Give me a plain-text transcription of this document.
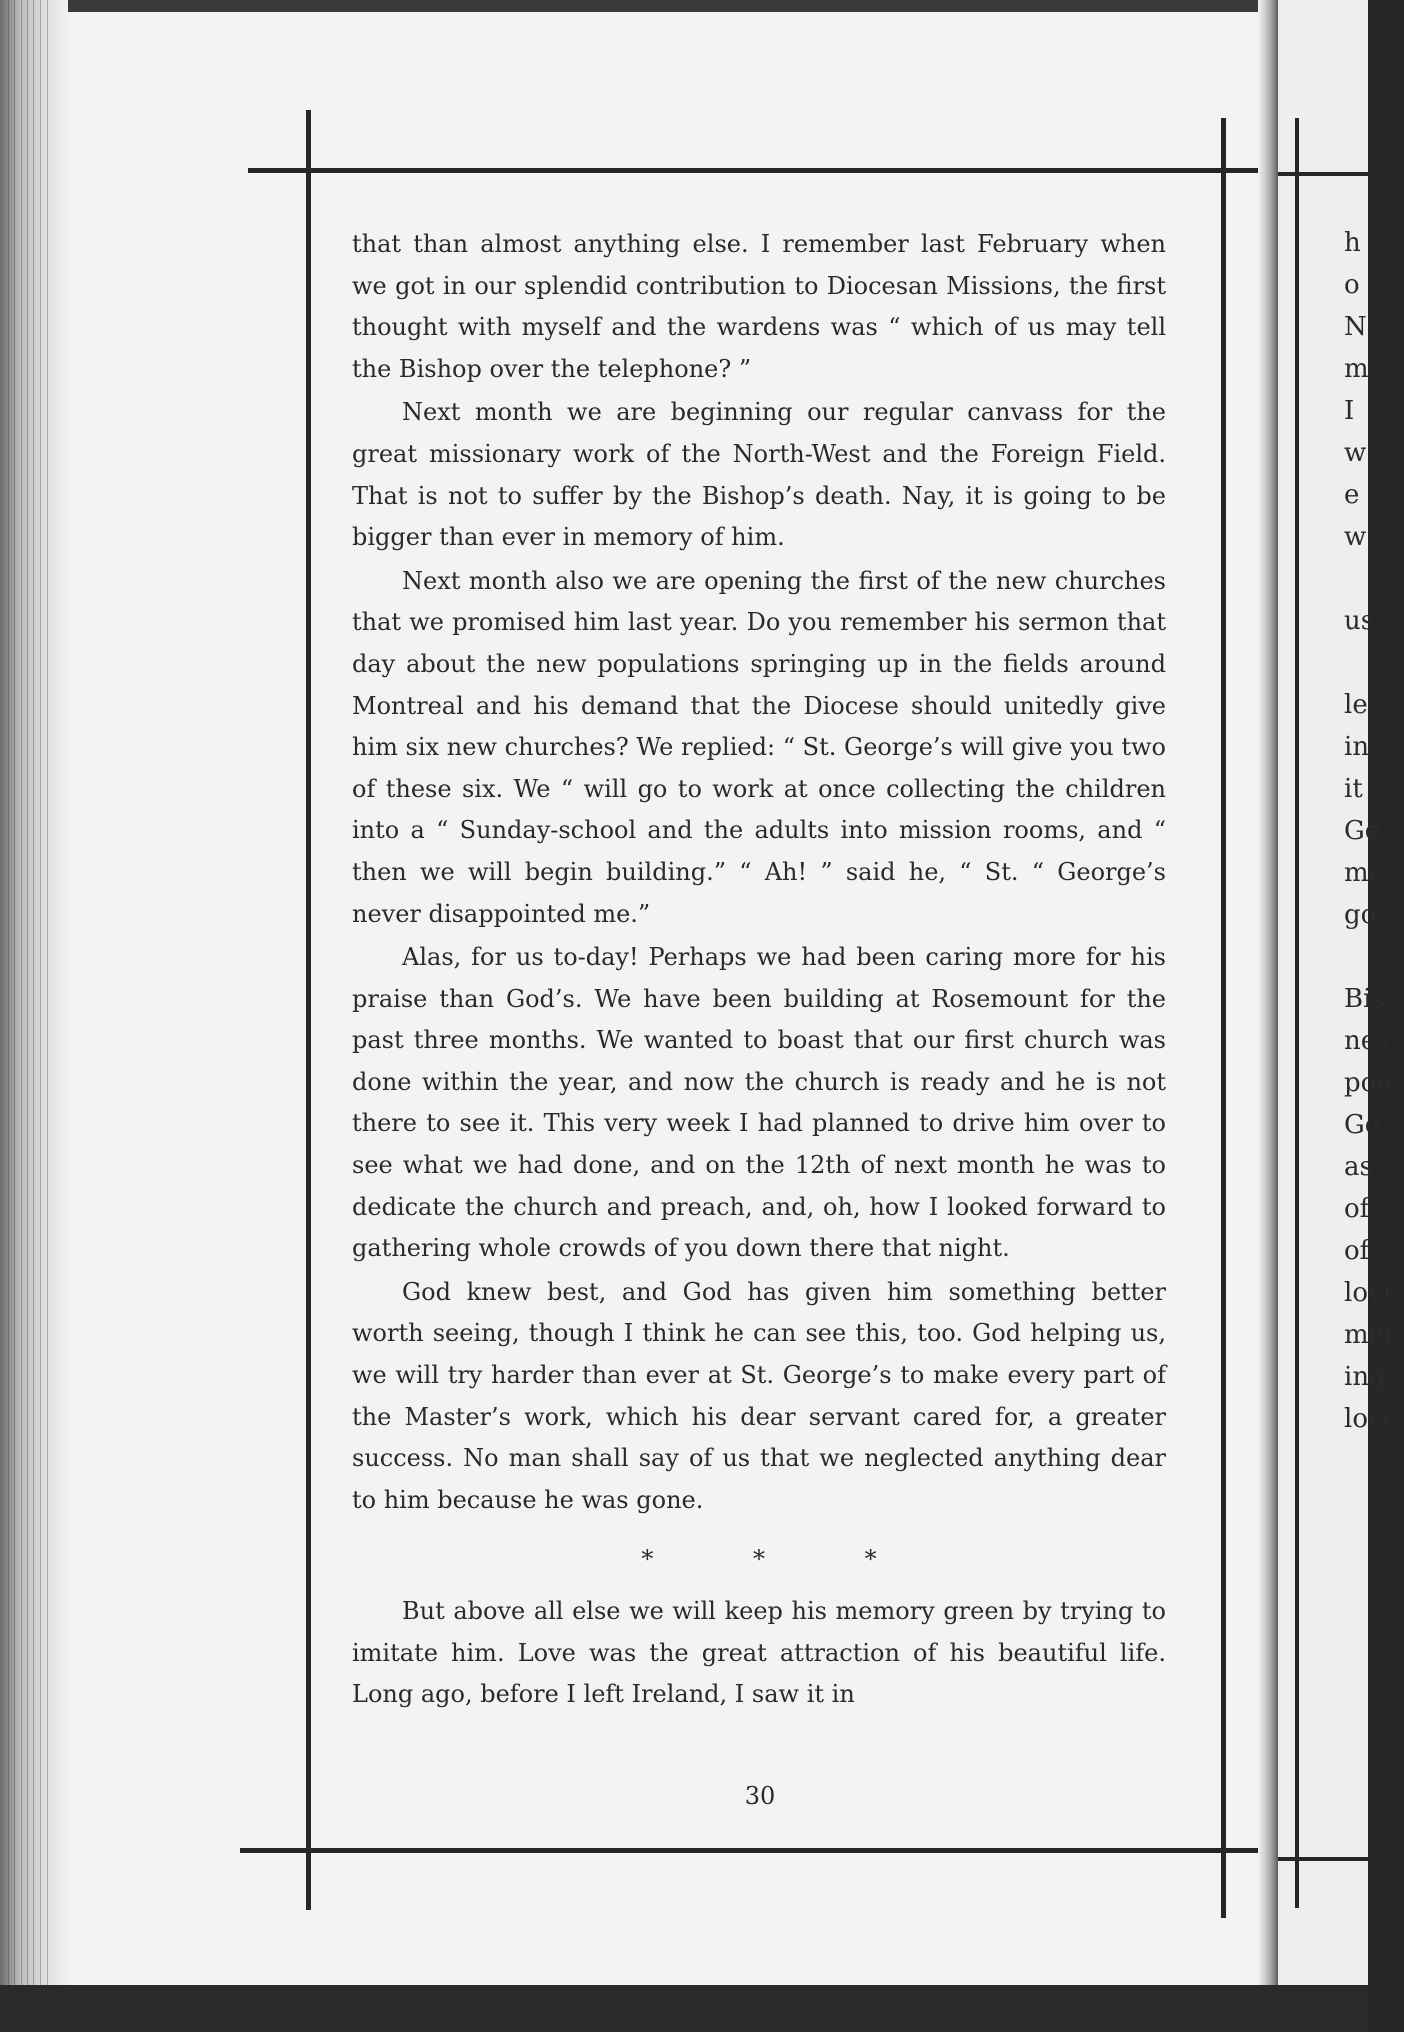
h
o
N
m
I
w
e
w
us
le
in
it
Ge
me
go
Bis
nes
poo
Go
as
of
of
lovi
mer
ing
love

that than almost anything else. I remember last February when we got in our splendid contribution to Diocesan Missions, the first thought with myself and the wardens was “ which of us may tell the Bishop over the telephone? ”

Next month we are beginning our regular canvass for the great missionary work of the North-West and the Foreign Field. That is not to suffer by the Bishop’s death. Nay, it is going to be bigger than ever in memory of him.

Next month also we are opening the first of the new churches that we promised him last year. Do you remember his sermon that day about the new populations springing up in the fields around Montreal and his demand that the Diocese should unitedly give him six new churches? We replied: “ St. George’s will give you two of these six. We “ will go to work at once collecting the children into a “ Sunday-school and the adults into mission rooms, and “ then we will begin building.” “ Ah! ” said he, “ St. “ George’s never disappointed me.”

Alas, for us to-day! Perhaps we had been caring more for his praise than God’s. We have been building at Rosemount for the past three months. We wanted to boast that our first church was done within the year, and now the church is ready and he is not there to see it. This very week I had planned to drive him over to see what we had done, and on the 12th of next month he was to dedicate the church and preach, and, oh, how I looked forward to gathering whole crowds of you down there that night.

God knew best, and God has given him something better worth seeing, though I think he can see this, too. God helping us, we will try harder than ever at St. George’s to make every part of the Master’s work, which his dear servant cared for, a greater success. No man shall say of us that we neglected anything dear to him because he was gone.

* * *

But above all else we will keep his memory green by trying to imitate him. Love was the great attraction of his beautiful life. Long ago, before I left Ireland, I saw it in

30
